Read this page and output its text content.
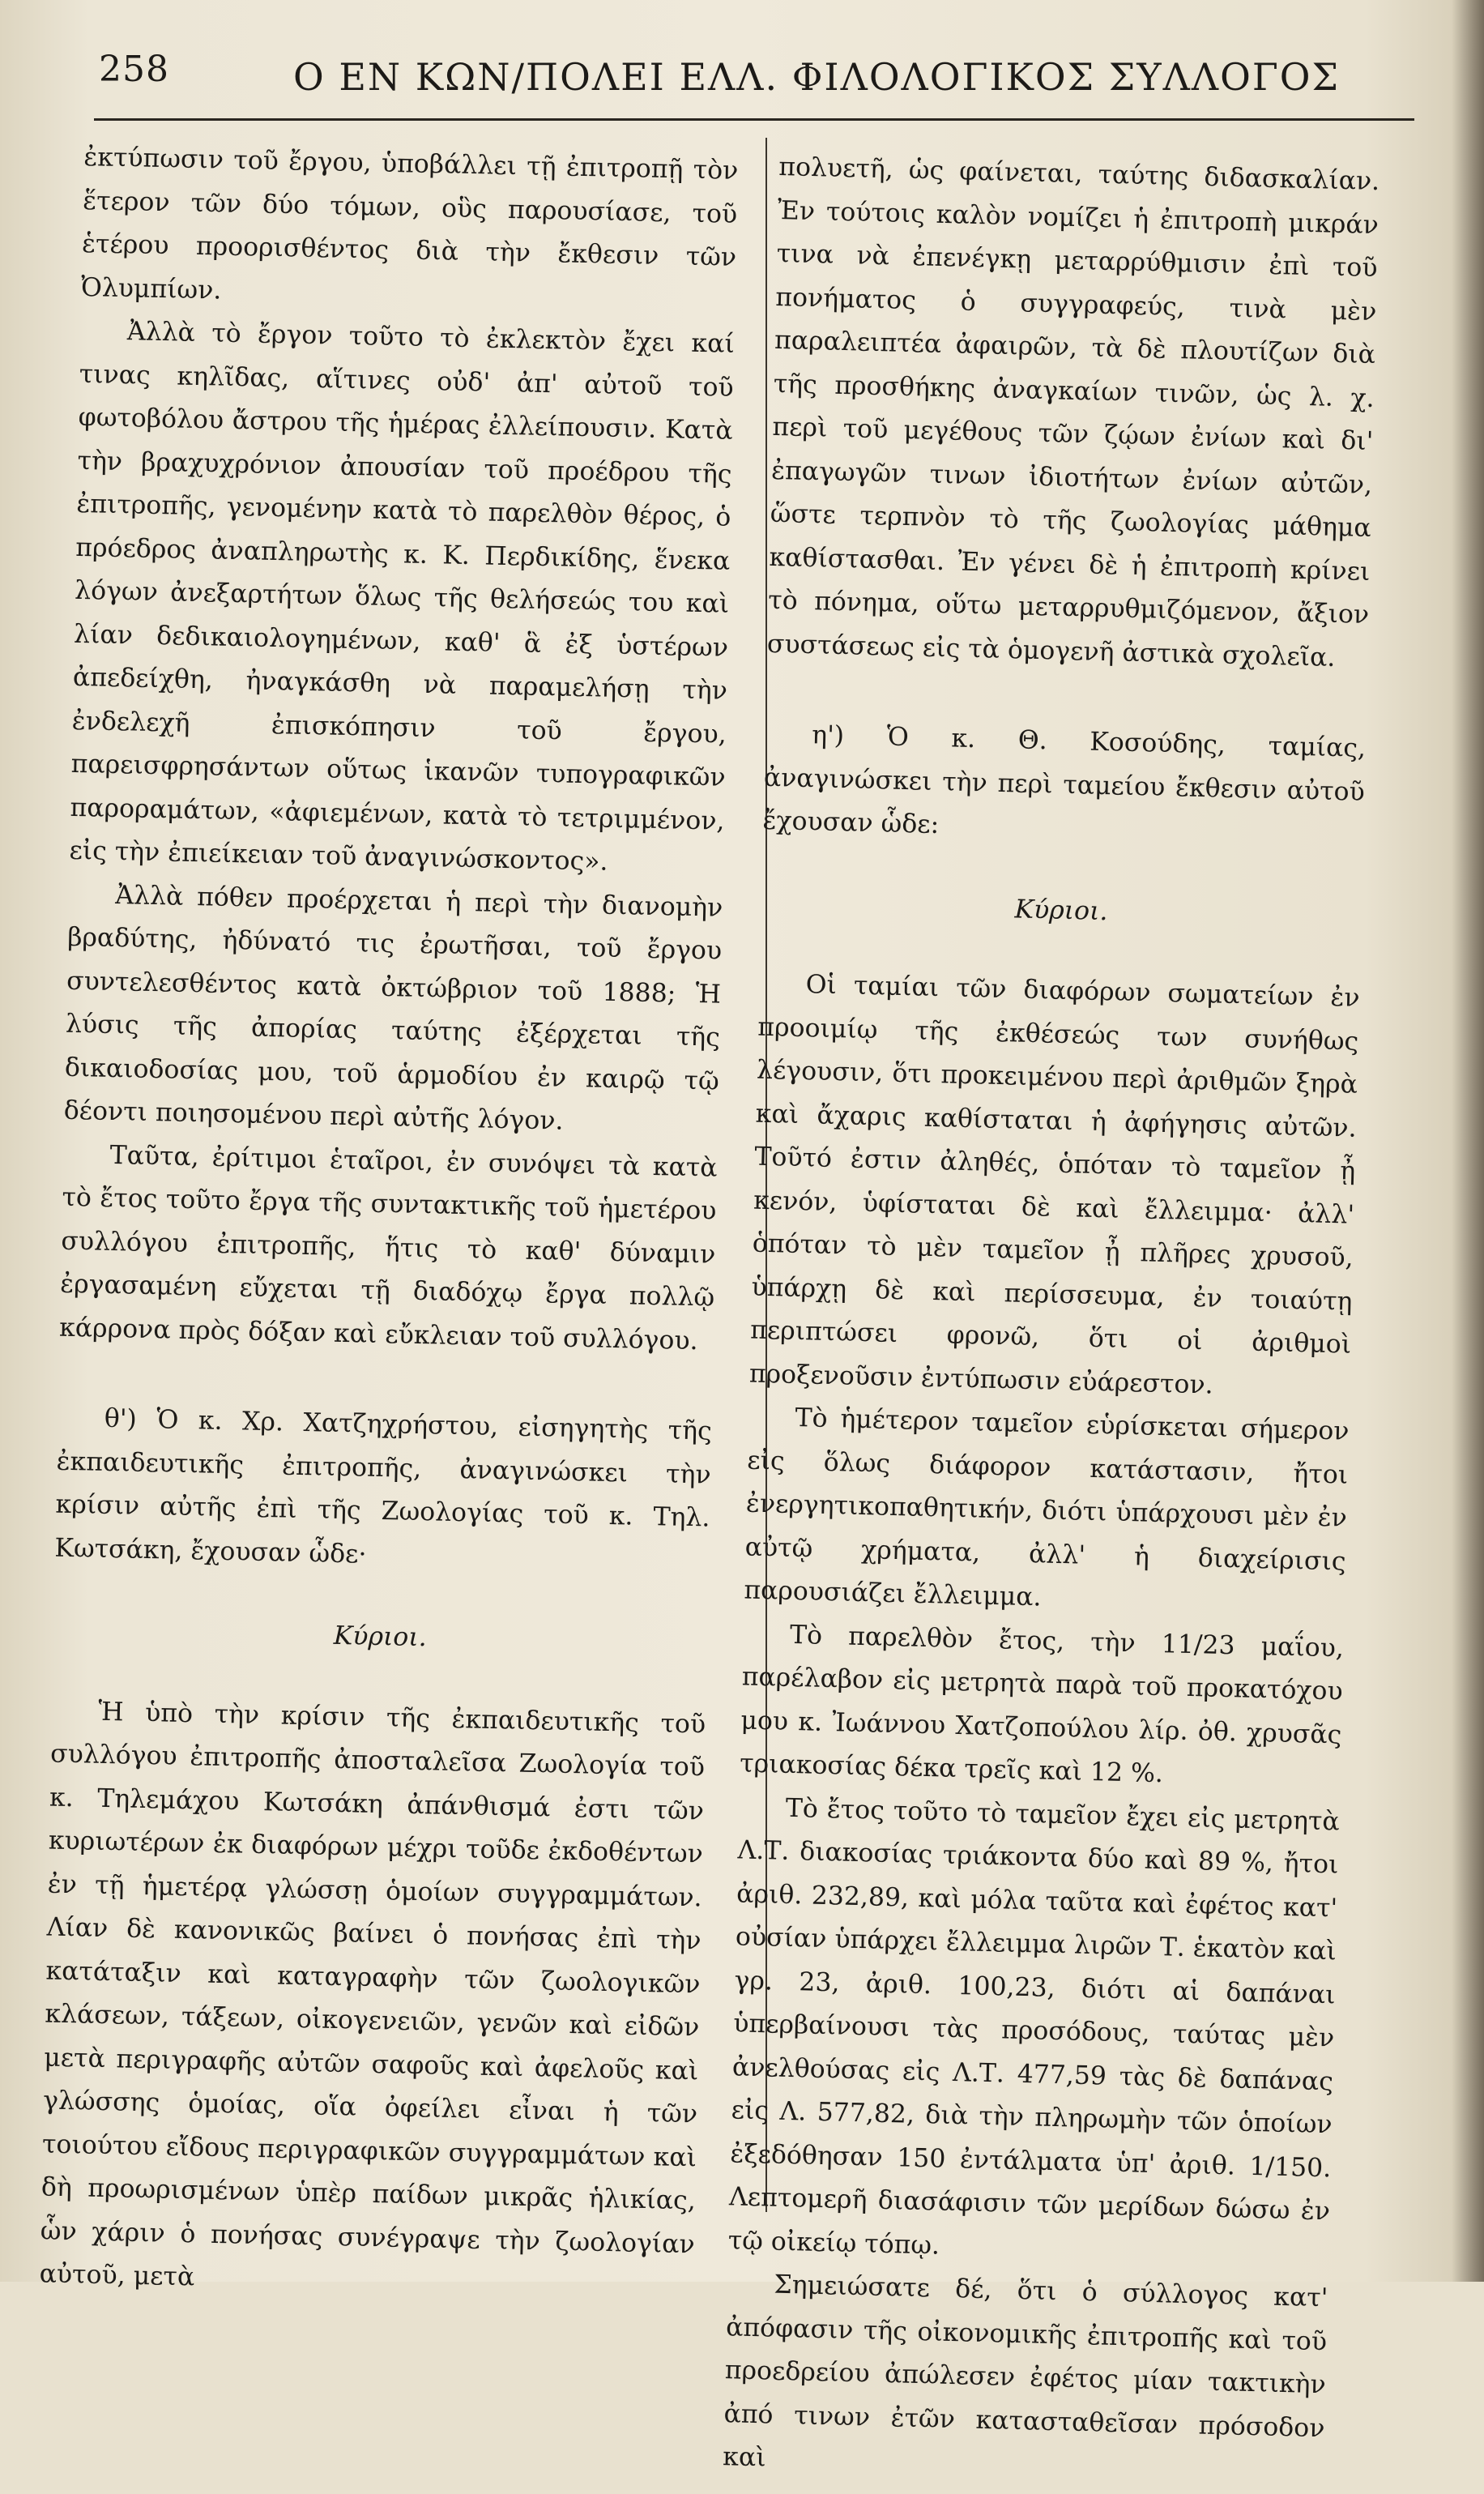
258	Ο ΕΝ ΚΩΝ/ΠΟΛΕΙ ΕΛΛ. ΦΙΛΟΛΟΓΙΚΟΣ ΣΥΛΛΟΓΟΣ

ἐκτύπωσιν τοῦ ἔργου, ὑποβάλλει τῇ ἐπιτροπῇ τὸν ἕτερον τῶν δύο τόμων, οὓς παρουσίασε, τοῦ ἑτέρου προορισθέντος διὰ τὴν ἔκθεσιν τῶν Ὀλυμπίων.

Ἀλλὰ τὸ ἔργον τοῦτο τὸ ἐκλεκτὸν ἔχει καί τινας κηλῖδας, αἵτινες οὐδ' ἀπ' αὐτοῦ τοῦ φωτοβόλου ἄστρου τῆς ἡμέρας ἐλλείπουσιν. Κατὰ τὴν βραχυχρόνιον ἀπουσίαν τοῦ προέδρου τῆς ἐπιτροπῆς, γενομένην κατὰ τὸ παρελθὸν θέρος, ὁ πρόεδρος ἀναπληρωτὴς κ. Κ. Περδικίδης, ἕνεκα λόγων ἀνεξαρτήτων ὅλως τῆς θελήσεώς του καὶ λίαν δεδικαιολογημένων, καθ' ἃ ἐξ ὑστέρων ἀπεδείχθη, ἠναγκάσθη νὰ παραμελήσῃ τὴν ἐνδελεχῆ ἐπισκόπησιν τοῦ ἔργου, παρεισφρησάντων οὕτως ἱκανῶν τυπογραφικῶν παροραμάτων, «ἀφιεμένων, κατὰ τὸ τετριμμένον, εἰς τὴν ἐπιείκειαν τοῦ ἀναγινώσκοντος».

Ἀλλὰ πόθεν προέρχεται ἡ περὶ τὴν διανομὴν βραδύτης, ἠδύνατό τις ἐρωτῆσαι, τοῦ ἔργου συντελεσθέντος κατὰ ὀκτώβριον τοῦ 1888; Ἡ λύσις τῆς ἀπορίας ταύτης ἐξέρχεται τῆς δικαιοδοσίας μου, τοῦ ἁρμοδίου ἐν καιρῷ τῷ δέοντι ποιησομένου περὶ αὐτῆς λόγον.

Ταῦτα, ἐρίτιμοι ἑταῖροι, ἐν συνόψει τὰ κατὰ τὸ ἔτος τοῦτο ἔργα τῆς συντακτικῆς τοῦ ἡμετέρου συλλόγου ἐπιτροπῆς, ἥτις τὸ καθ' δύναμιν ἐργασαμένη εὔχεται τῇ διαδόχῳ ἔργα πολλῷ κάρρονα πρὸς δόξαν καὶ εὔκλειαν τοῦ συλλόγου.

θ') Ὁ κ. Χρ. Χατζηχρήστου, εἰσηγητὴς τῆς ἐκπαιδευτικῆς ἐπιτροπῆς, ἀναγινώσκει τὴν κρίσιν αὐτῆς ἐπὶ τῆς Ζωολογίας τοῦ κ. Τηλ. Κωτσάκη, ἔχουσαν ὧδε·

Κύριοι.

Ἡ ὑπὸ τὴν κρίσιν τῆς ἐκπαιδευτικῆς τοῦ συλλόγου ἐπιτροπῆς ἀποσταλεῖσα Ζωολογία τοῦ κ. Τηλεμάχου Κωτσάκη ἀπάνθισμά ἐστι τῶν κυριωτέρων ἐκ διαφόρων μέχρι τοῦδε ἐκδοθέντων ἐν τῇ ἡμετέρᾳ γλώσσῃ ὁμοίων συγγραμμάτων. Λίαν δὲ κανονικῶς βαίνει ὁ πονήσας ἐπὶ τὴν κατάταξιν καὶ καταγραφὴν τῶν ζωολογικῶν κλάσεων, τάξεων, οἰκογενειῶν, γενῶν καὶ εἰδῶν μετὰ περιγραφῆς αὐτῶν σαφοῦς καὶ ἀφελοῦς καὶ γλώσσης ὁμοίας, οἵα ὀφείλει εἶναι ἡ τῶν τοιούτου εἴδους περιγραφικῶν συγγραμμάτων καὶ δὴ προωρισμένων ὑπὲρ παίδων μικρᾶς ἡλικίας, ὧν χάριν ὁ πονήσας συνέγραψε τὴν ζωολογίαν αὐτοῦ, μετὰ

πολυετῆ, ὡς φαίνεται, ταύτης διδασκαλίαν. Ἐν τούτοις καλὸν νομίζει ἡ ἐπιτροπὴ μικράν τινα νὰ ἐπενέγκῃ μεταρρύθμισιν ἐπὶ τοῦ πονήματος ὁ συγγραφεύς, τινὰ μὲν παραλειπτέα ἀφαιρῶν, τὰ δὲ πλουτίζων διὰ τῆς προσθήκης ἀναγκαίων τινῶν, ὡς λ. χ. περὶ τοῦ μεγέθους τῶν ζῴων ἐνίων καὶ δι' ἐπαγωγῶν τινων ἰδιοτήτων ἐνίων αὐτῶν, ὥστε τερπνὸν τὸ τῆς ζωολογίας μάθημα καθίστασθαι. Ἐν γένει δὲ ἡ ἐπιτροπὴ κρίνει τὸ πόνημα, οὕτω μεταρρυθμιζόμενον, ἄξιον συστάσεως εἰς τὰ ὁμογενῆ ἀστικὰ σχολεῖα.

η') Ὁ κ. Θ. Κοσούδης, ταμίας, ἀναγινώσκει τὴν περὶ ταμείου ἔκθεσιν αὐτοῦ ἔχουσαν ὧδε:

Κύριοι.

Οἱ ταμίαι τῶν διαφόρων σωματείων ἐν προοιμίῳ τῆς ἐκθέσεώς των συνήθως λέγουσιν, ὅτι προκειμένου περὶ ἀριθμῶν ξηρὰ καὶ ἄχαρις καθίσταται ἡ ἀφήγησις αὐτῶν. Τοῦτό ἐστιν ἀληθές, ὁπόταν τὸ ταμεῖον ᾖ κενόν, ὑφίσταται δὲ καὶ ἔλλειμμα· ἀλλ' ὁπόταν τὸ μὲν ταμεῖον ᾖ πλῆρες χρυσοῦ, ὑπάρχῃ δὲ καὶ περίσσευμα, ἐν τοιαύτῃ περιπτώσει φρονῶ, ὅτι οἱ ἀριθμοὶ προξενοῦσιν ἐντύπωσιν εὐάρεστον.

Τὸ ἡμέτερον ταμεῖον εὑρίσκεται σήμερον εἰς ὅλως διάφορον κατάστασιν, ἤτοι ἐνεργητικοπαθητικήν, διότι ὑπάρχουσι μὲν ἐν αὐτῷ χρήματα, ἀλλ' ἡ διαχείρισις παρουσιάζει ἔλλειμμα.

Τὸ παρελθὸν ἔτος, τὴν 11/23 μαΐου, παρέλαβον εἰς μετρητὰ παρὰ τοῦ προκατόχου μου κ. Ἰωάννου Χατζοπούλου λίρ. ὀθ. χρυσᾶς τριακοσίας δέκα τρεῖς καὶ 12 %.

Τὸ ἔτος τοῦτο τὸ ταμεῖον ἔχει εἰς μετρητὰ Λ.Τ. διακοσίας τριάκοντα δύο καὶ 89 %, ἤτοι ἀριθ. 232,89, καὶ μόλα ταῦτα καὶ ἐφέτος κατ' οὐσίαν ὑπάρχει ἔλλειμμα λιρῶν Τ. ἑκατὸν καὶ γρ. 23, ἀριθ. 100,23, διότι αἱ δαπάναι ὑπερβαίνουσι τὰς προσόδους, ταύτας μὲν ἀνελθούσας εἰς Λ.Τ. 477,59 τὰς δὲ δαπάνας εἰς Λ. 577,82, διὰ τὴν πληρωμὴν τῶν ὁποίων ἐξεδόθησαν 150 ἐντάλματα ὑπ' ἀριθ. 1/150. Λεπτομερῆ διασάφισιν τῶν μερίδων δώσω ἐν τῷ οἰκείῳ τόπῳ.

Σημειώσατε δέ, ὅτι ὁ σύλλογος κατ' ἀπόφασιν τῆς οἰκονομικῆς ἐπιτροπῆς καὶ τοῦ προεδρείου ἀπώλεσεν ἐφέτος μίαν τακτικὴν ἀπό τινων ἐτῶν κατασταθεῖσαν πρόσοδον καὶ
